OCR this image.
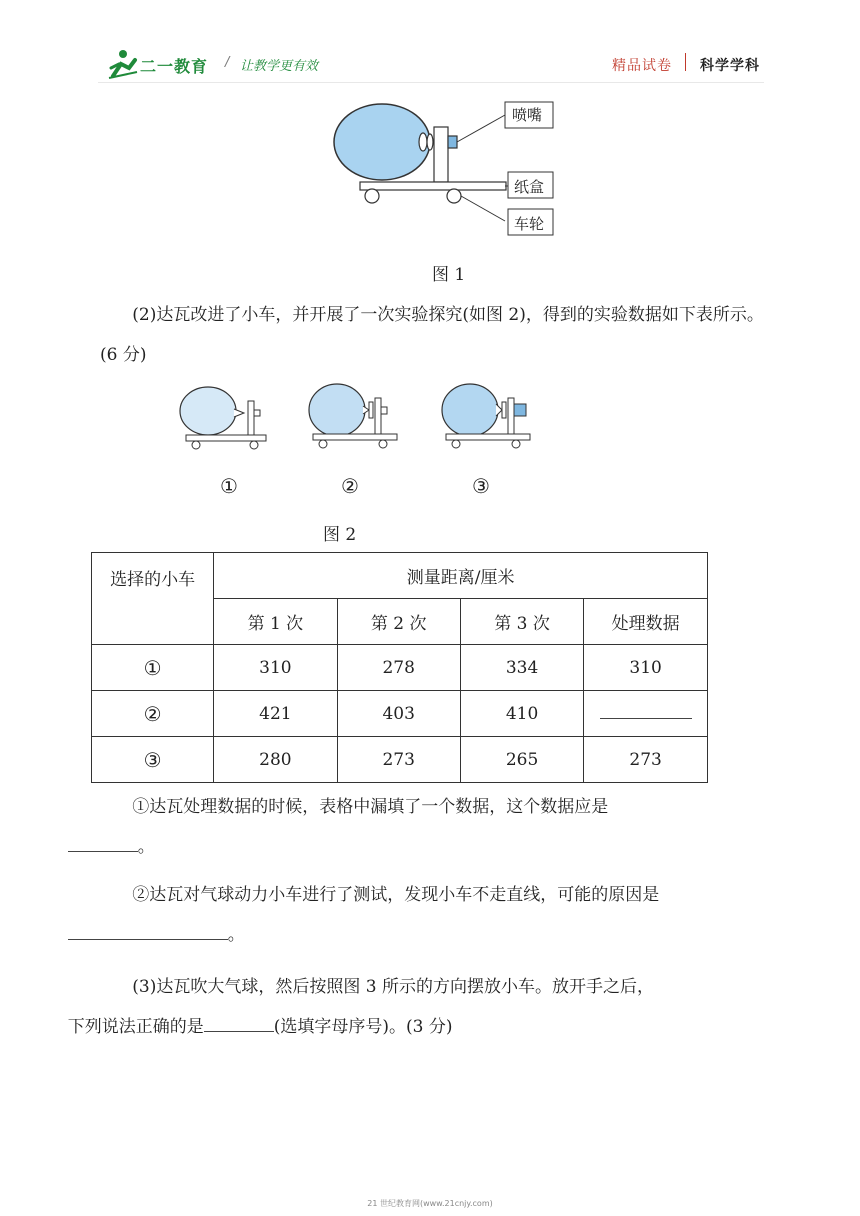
二一教育 / 让教学更有效	精品试卷 科学学科
喷嘴
纸盒
车轮
图 1
(2)达瓦改进了小车，并开展了一次实验探究(如图 2)，得到的实验数据如下表所示。(6 分)
①	②	③
图 2
选择的小车	测量距离/厘米			
	第 1 次	第 2 次	第 3 次	处理数据
①	310	278	334	310
②	421	403	410	
③	280	273	265	273
①达瓦处理数据的时候，表格中漏填了一个数据，这个数据应是
。
②达瓦对气球动力小车进行了测试，发现小车不走直线，可能的原因是
。
(3)达瓦吹大气球，然后按照图 3 所示的方向摆放小车。放开手之后，
下列说法正确的是	(选填字母序号)。(3 分)
21 世纪教育网(www.21cnjy.com)
